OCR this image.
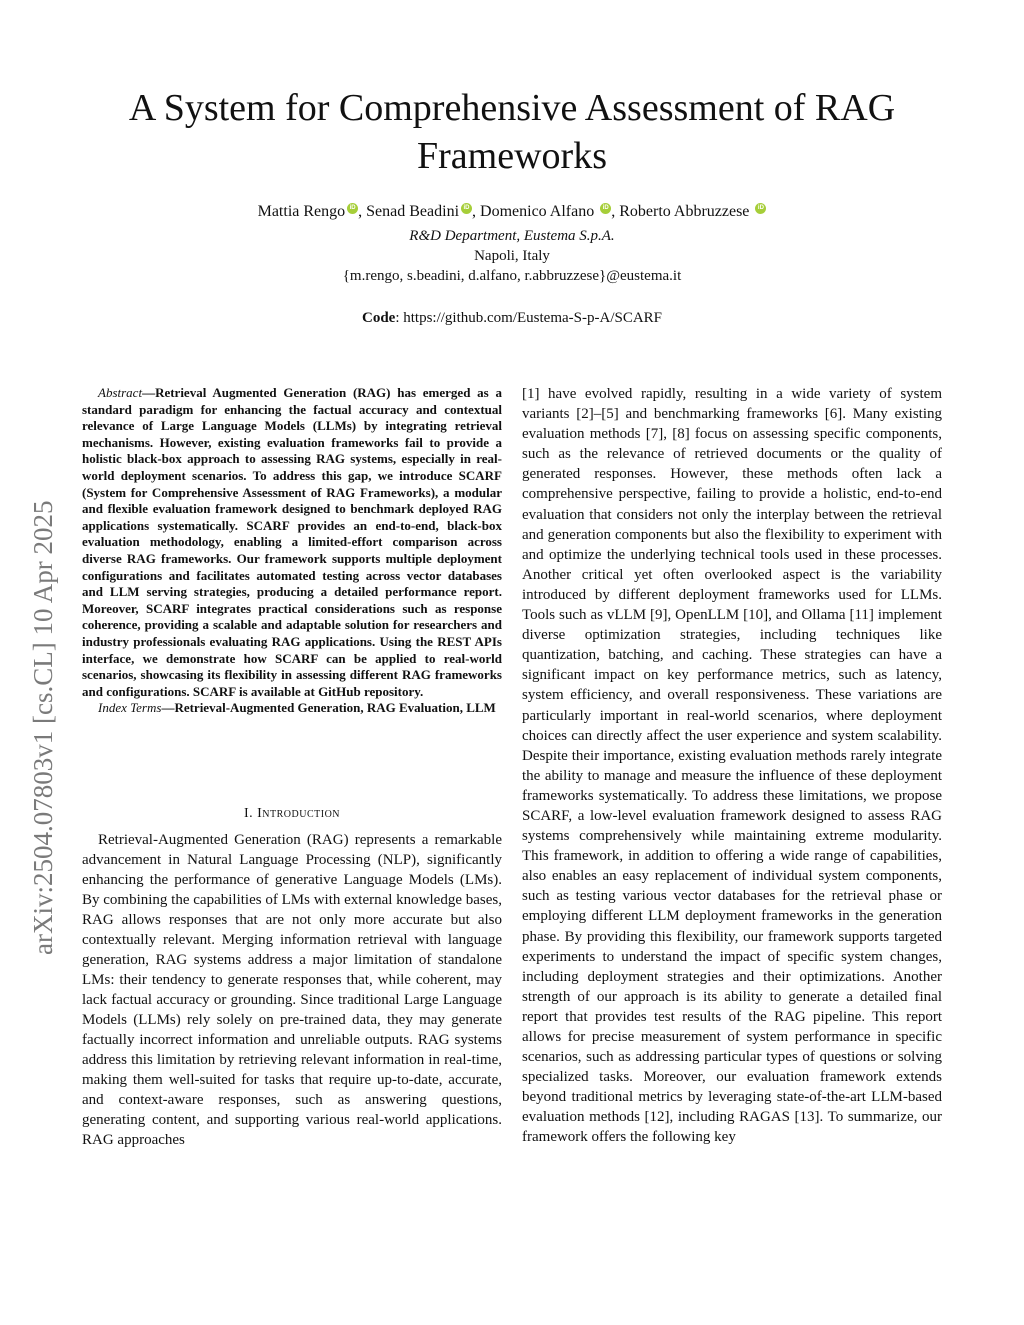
A System for Comprehensive Assessment of RAG Frameworks
Mattia Rengo iD , Senad Beadini iD , Domenico Alfano iD , Roberto Abbruzzese iD
R&D Department, Eustema S.p.A.
Napoli, Italy
{m.rengo, s.beadini, d.alfano, r.abbruzzese}@eustema.it
Code: https://github.com/Eustema-S-p-A/SCARF
arXiv:2504.07803v1 [cs.CL] 10 Apr 2025

Abstract—Retrieval Augmented Generation (RAG) has emerged as a standard paradigm for enhancing the factual accuracy and contextual relevance of Large Language Models (LLMs) by integrating retrieval mechanisms. However, existing evaluation frameworks fail to provide a holistic black-box approach to assessing RAG systems, especially in real-world deployment scenarios. To address this gap, we introduce SCARF (System for Comprehensive Assessment of RAG Frameworks), a modular and flexible evaluation framework designed to benchmark deployed RAG applications systematically. SCARF provides an end-to-end, black-box evaluation methodology, enabling a limited-effort comparison across diverse RAG frameworks. Our framework supports multiple deployment configurations and facilitates automated testing across vector databases and LLM serving strategies, producing a detailed performance report. Moreover, SCARF integrates practical considerations such as response coherence, providing a scalable and adaptable solution for researchers and industry professionals evaluating RAG applications. Using the REST APIs interface, we demonstrate how SCARF can be applied to real-world scenarios, showcasing its flexibility in assessing different RAG frameworks and configurations. SCARF is available at GitHub repository.

Index Terms—Retrieval-Augmented Generation, RAG Evaluation, LLM

I. Introduction

Retrieval-Augmented Generation (RAG) represents a remarkable advancement in Natural Language Processing (NLP), significantly enhancing the performance of generative Language Models (LMs). By combining the capabilities of LMs with external knowledge bases, RAG allows responses that are not only more accurate but also contextually relevant. Merging information retrieval with language generation, RAG systems address a major limitation of standalone LMs: their tendency to generate responses that, while coherent, may lack factual accuracy or grounding. Since traditional Large Language Models (LLMs) rely solely on pre-trained data, they may generate factually incorrect information and unreliable outputs. RAG systems address this limitation by retrieving relevant information in real-time, making them well-suited for tasks that require up-to-date, accurate, and context-aware responses, such as answering questions, generating content, and supporting various real-world applications. RAG approaches

[1] have evolved rapidly, resulting in a wide variety of system variants [2]–[5] and benchmarking frameworks [6]. Many existing evaluation methods [7], [8] focus on assessing specific components, such as the relevance of retrieved documents or the quality of generated responses. However, these methods often lack a comprehensive perspective, failing to provide a holistic, end-to-end evaluation that considers not only the interplay between the retrieval and generation components but also the flexibility to experiment with and optimize the underlying technical tools used in these processes. Another critical yet often overlooked aspect is the variability introduced by different deployment frameworks used for LLMs. Tools such as vLLM [9], OpenLLM [10], and Ollama [11] implement diverse optimization strategies, including techniques like quantization, batching, and caching. These strategies can have a significant impact on key performance metrics, such as latency, system efficiency, and overall responsiveness. These variations are particularly important in real-world scenarios, where deployment choices can directly affect the user experience and system scalability. Despite their importance, existing evaluation methods rarely integrate the ability to manage and measure the influence of these deployment frameworks systematically. To address these limitations, we propose SCARF, a low-level evaluation framework designed to assess RAG systems comprehensively while maintaining extreme modularity. This framework, in addition to offering a wide range of capabilities, also enables an easy replacement of individual system components, such as testing various vector databases for the retrieval phase or employing different LLM deployment frameworks in the generation phase. By providing this flexibility, our framework supports targeted experiments to understand the impact of specific system changes, including deployment strategies and their optimizations. Another strength of our approach is its ability to generate a detailed final report that provides test results of the RAG pipeline. This report allows for precise measurement of system performance in specific scenarios, such as addressing particular types of questions or solving specialized tasks. Moreover, our evaluation framework extends beyond traditional metrics by leveraging state-of-the-art LLM-based evaluation methods [12], including RAGAS [13]. To summarize, our framework offers the following key
